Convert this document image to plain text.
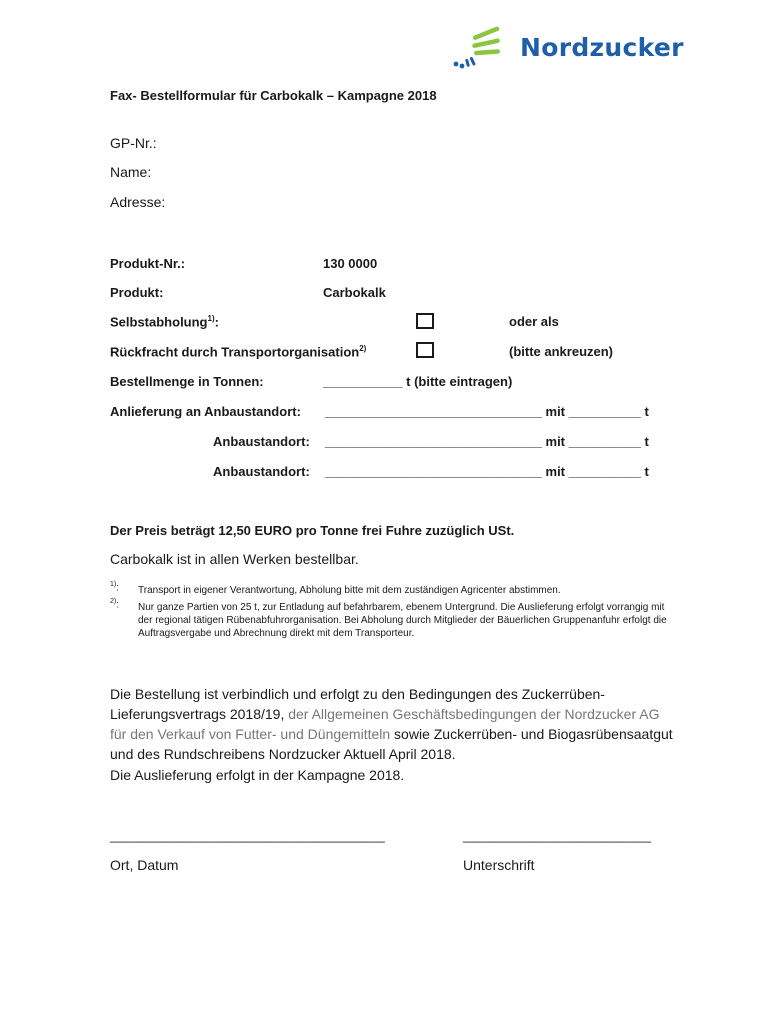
Nordzucker
Fax- Bestellformular für Carbokalk – Kampagne 2018
GP-Nr.:
Name:
Adresse:
Produkt-Nr.:	130 0000
Produkt:	Carbokalk
Selbstabholung$^{1)}$:	oder als
Rückfracht durch Transportorganisation$^{2)}$	(bitte ankreuzen)
Bestellmenge in Tonnen:	___________ t (bitte eintragen)
Anlieferung an Anbaustandort: ______________________________ mit __________ t
Anbaustandort: ______________________________ mit __________ t
Anbaustandort: ______________________________ mit __________ t
Der Preis beträgt 12,50 EURO pro Tonne frei Fuhre zuzüglich USt.
Carbokalk ist in allen Werken bestellbar.
$^{1)}$: Transport in eigener Verantwortung, Abholung bitte mit dem zuständigen Agricenter abstimmen.
$^{2)}$: Nur ganze Partien von 25 t, zur Entladung auf befahrbarem, ebenem Untergrund. Die Auslieferung erfolgt vorrangig mit der regional tätigen Rübenabfuhrorganisation. Bei Abholung durch Mitglieder der Bäuerlichen Gruppenanfuhr erfolgt die Auftragsvergabe und Abrechnung direkt mit dem Transporteur.
Die Bestellung ist verbindlich und erfolgt zu den Bedingungen des Zuckerrüben-Lieferungsvertrags 2018/19, der Allgemeinen Geschäftsbedingungen der Nordzucker AG für den Verkauf von Futter- und Düngemitteln sowie Zuckerrüben- und Biogasrübensaatgut und des Rundschreibens Nordzucker Aktuell April 2018.
Die Auslieferung erfolgt in der Kampagne 2018.
______________________________________	__________________________
Ort, Datum	Unterschrift
